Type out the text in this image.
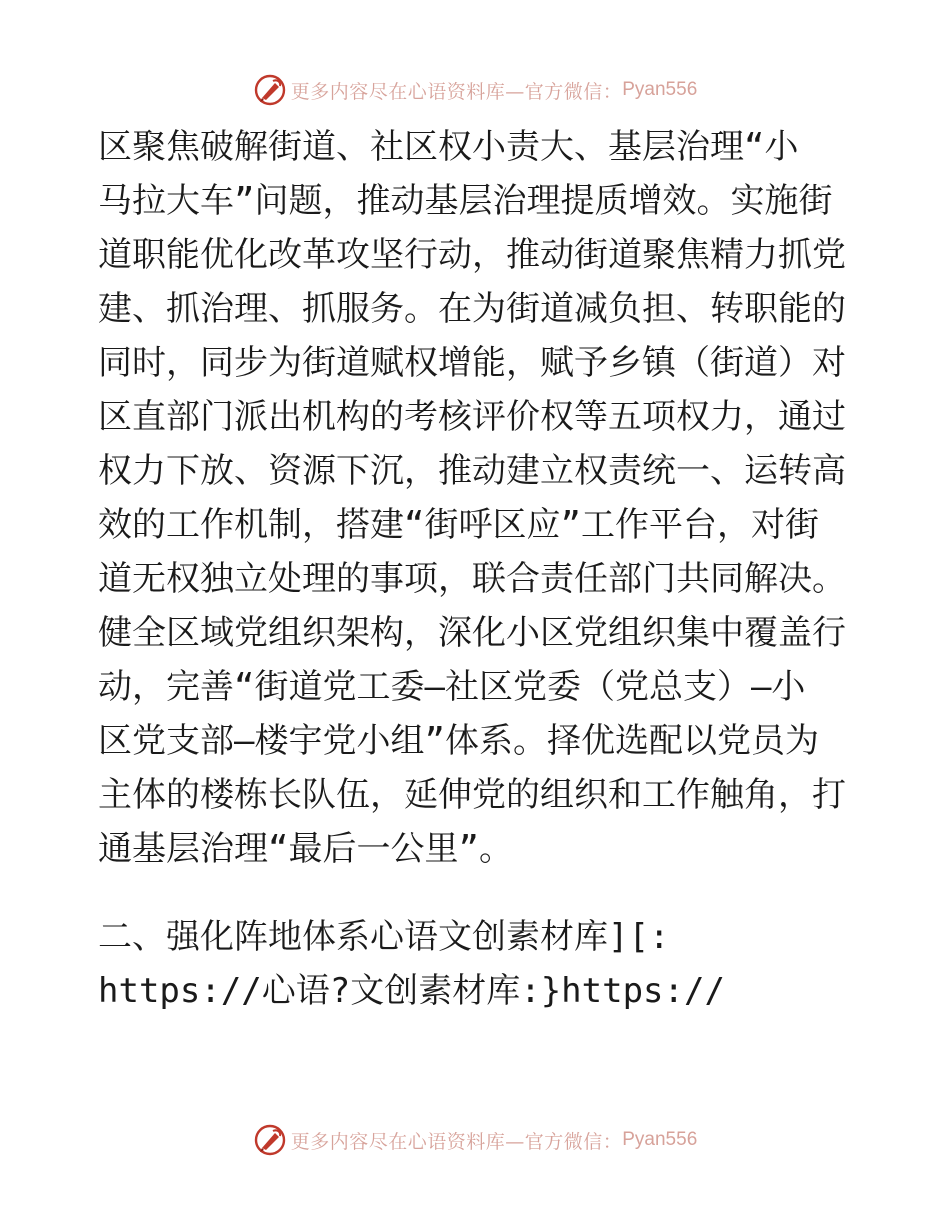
更多内容尽在心语资料库—官方微信： Pyan556
区聚焦破解街道、社区权小责大、基层治理“小
马拉大车”问题，推动基层治理提质增效。实施街
道职能优化改革攻坚行动，推动街道聚焦精力抓党
建、抓治理、抓服务。在为街道减负担、转职能的
同时，同步为街道赋权增能，赋予乡镇（街道）对
区直部门派出机构的考核评价权等五项权力，通过
权力下放、资源下沉，推动建立权责统一、运转高
效的工作机制，搭建“街呼区应”工作平台，对街
道无权独立处理的事项，联合责任部门共同解决。
健全区域党组织架构，深化小区党组织集中覆盖行
动，完善“街道党工委—社区党委（党总支）—小
区党支部—楼宇党小组”体系。择优选配以党员为
主体的楼栋长队伍，延伸党的组织和工作触角，打
通基层治理“最后一公里”。
二、强化阵地体系心语文创素材库][:
https://心语?文创素材库:}https://
更多内容尽在心语资料库—官方微信： Pyan556
